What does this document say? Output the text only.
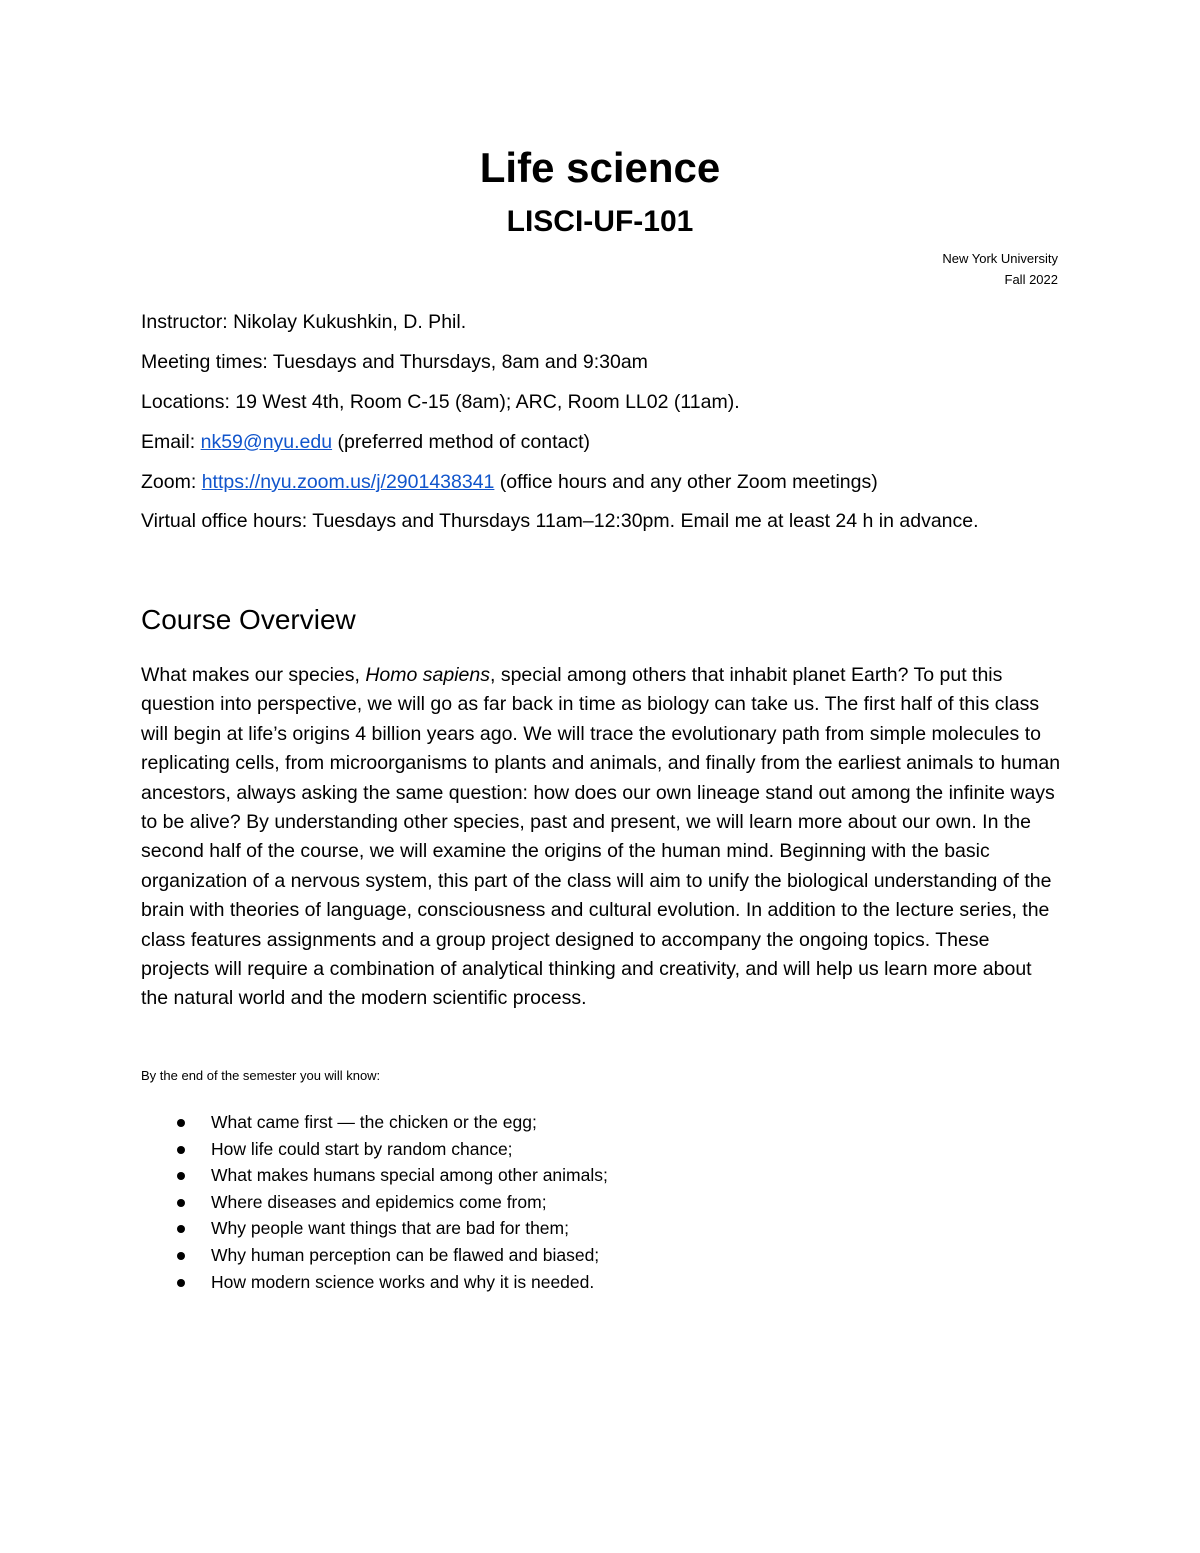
Life science
LISCI-UF-101
New York University
Fall 2022
Instructor: Nikolay Kukushkin, D. Phil.
Meeting times: Tuesdays and Thursdays, 8am and 9:30am
Locations: 19 West 4th, Room C-15 (8am); ARC, Room LL02 (11am).
Email: nk59@nyu.edu (preferred method of contact)
Zoom: https://nyu.zoom.us/j/2901438341 (office hours and any other Zoom meetings)
Virtual office hours: Tuesdays and Thursdays 11am–12:30pm. Email me at least 24 h in advance.
Course Overview
What makes our species, Homo sapiens, special among others that inhabit planet Earth? To put this question into perspective, we will go as far back in time as biology can take us. The first half of this class will begin at life’s origins 4 billion years ago. We will trace the evolutionary path from simple molecules to replicating cells, from microorganisms to plants and animals, and finally from the earliest animals to human ancestors, always asking the same question: how does our own lineage stand out among the infinite ways to be alive? By understanding other species, past and present, we will learn more about our own. In the second half of the course, we will examine the origins of the human mind. Beginning with the basic organization of a nervous system, this part of the class will aim to unify the biological understanding of the brain with theories of language, consciousness and cultural evolution. In addition to the lecture series, the class features assignments and a group project designed to accompany the ongoing topics. These projects will require a combination of analytical thinking and creativity, and will help us learn more about the natural world and the modern scientific process.
By the end of the semester you will know:
What came first — the chicken or the egg;
How life could start by random chance;
What makes humans special among other animals;
Where diseases and epidemics come from;
Why people want things that are bad for them;
Why human perception can be flawed and biased;
How modern science works and why it is needed.
